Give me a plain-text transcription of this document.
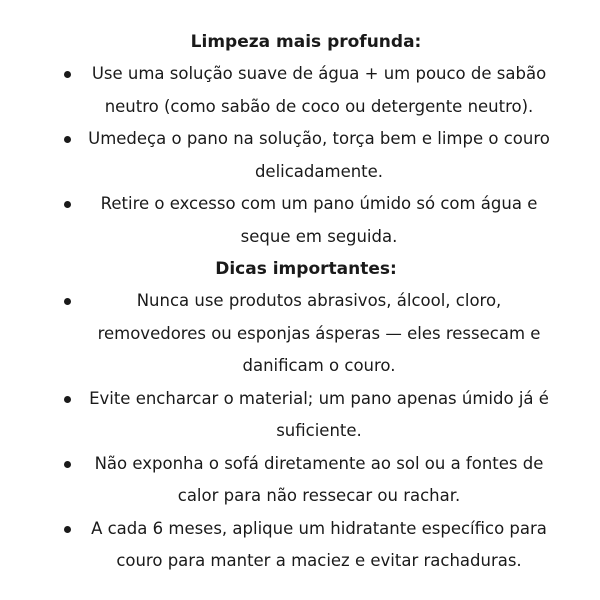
Limpeza mais profunda:
Use uma solução suave de água + um pouco de sabão neutro (como sabão de coco ou detergente neutro).
Umedeça o pano na solução, torça bem e limpe o couro delicadamente.
Retire o excesso com um pano úmido só com água e seque em seguida.
Dicas importantes:
Nunca use produtos abrasivos, álcool, cloro, removedores ou esponjas ásperas — eles ressecam e danificam o couro.
Evite encharcar o material; um pano apenas úmido já é suficiente.
Não exponha o sofá diretamente ao sol ou a fontes de calor para não ressecar ou rachar.
A cada 6 meses, aplique um hidratante específico para couro para manter a maciez e evitar rachaduras.
